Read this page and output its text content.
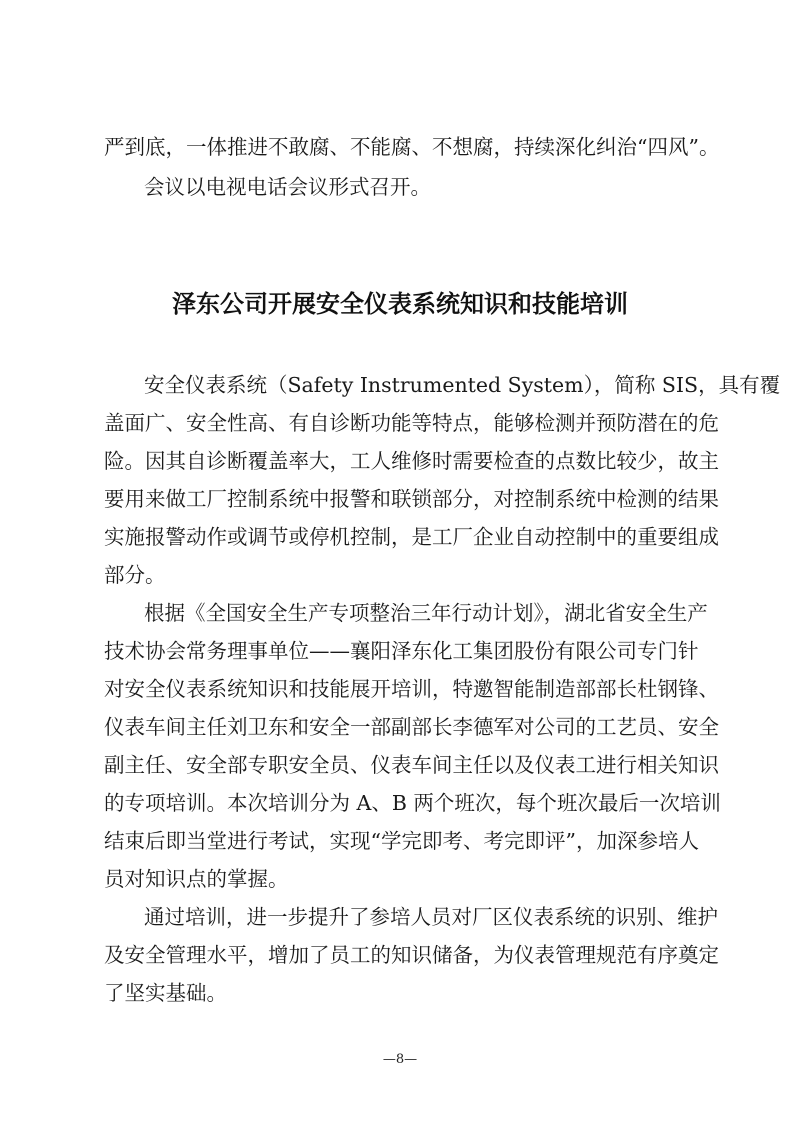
严到底，一体推进不敢腐、不能腐、不想腐，持续深化纠治“四风”。
会议以电视电话会议形式召开。
泽东公司开展安全仪表系统知识和技能培训
安全仪表系统（Safety Instrumented System），简称 SIS，具有覆
盖面广、安全性高、有自诊断功能等特点，能够检测并预防潜在的危
险。因其自诊断覆盖率大，工人维修时需要检查的点数比较少，故主
要用来做工厂控制系统中报警和联锁部分，对控制系统中检测的结果
实施报警动作或调节或停机控制，是工厂企业自动控制中的重要组成
部分。
根据《全国安全生产专项整治三年行动计划》，湖北省安全生产
技术协会常务理事单位——襄阳泽东化工集团股份有限公司专门针
对安全仪表系统知识和技能展开培训，特邀智能制造部部长杜钢锋、
仪表车间主任刘卫东和安全一部副部长李德军对公司的工艺员、安全
副主任、安全部专职安全员、仪表车间主任以及仪表工进行相关知识
的专项培训。本次培训分为 A、B 两个班次，每个班次最后一次培训
结束后即当堂进行考试，实现“学完即考、考完即评”，加深参培人
员对知识点的掌握。
通过培训，进一步提升了参培人员对厂区仪表系统的识别、维护
及安全管理水平，增加了员工的知识储备，为仪表管理规范有序奠定
了坚实基础。
—8—
